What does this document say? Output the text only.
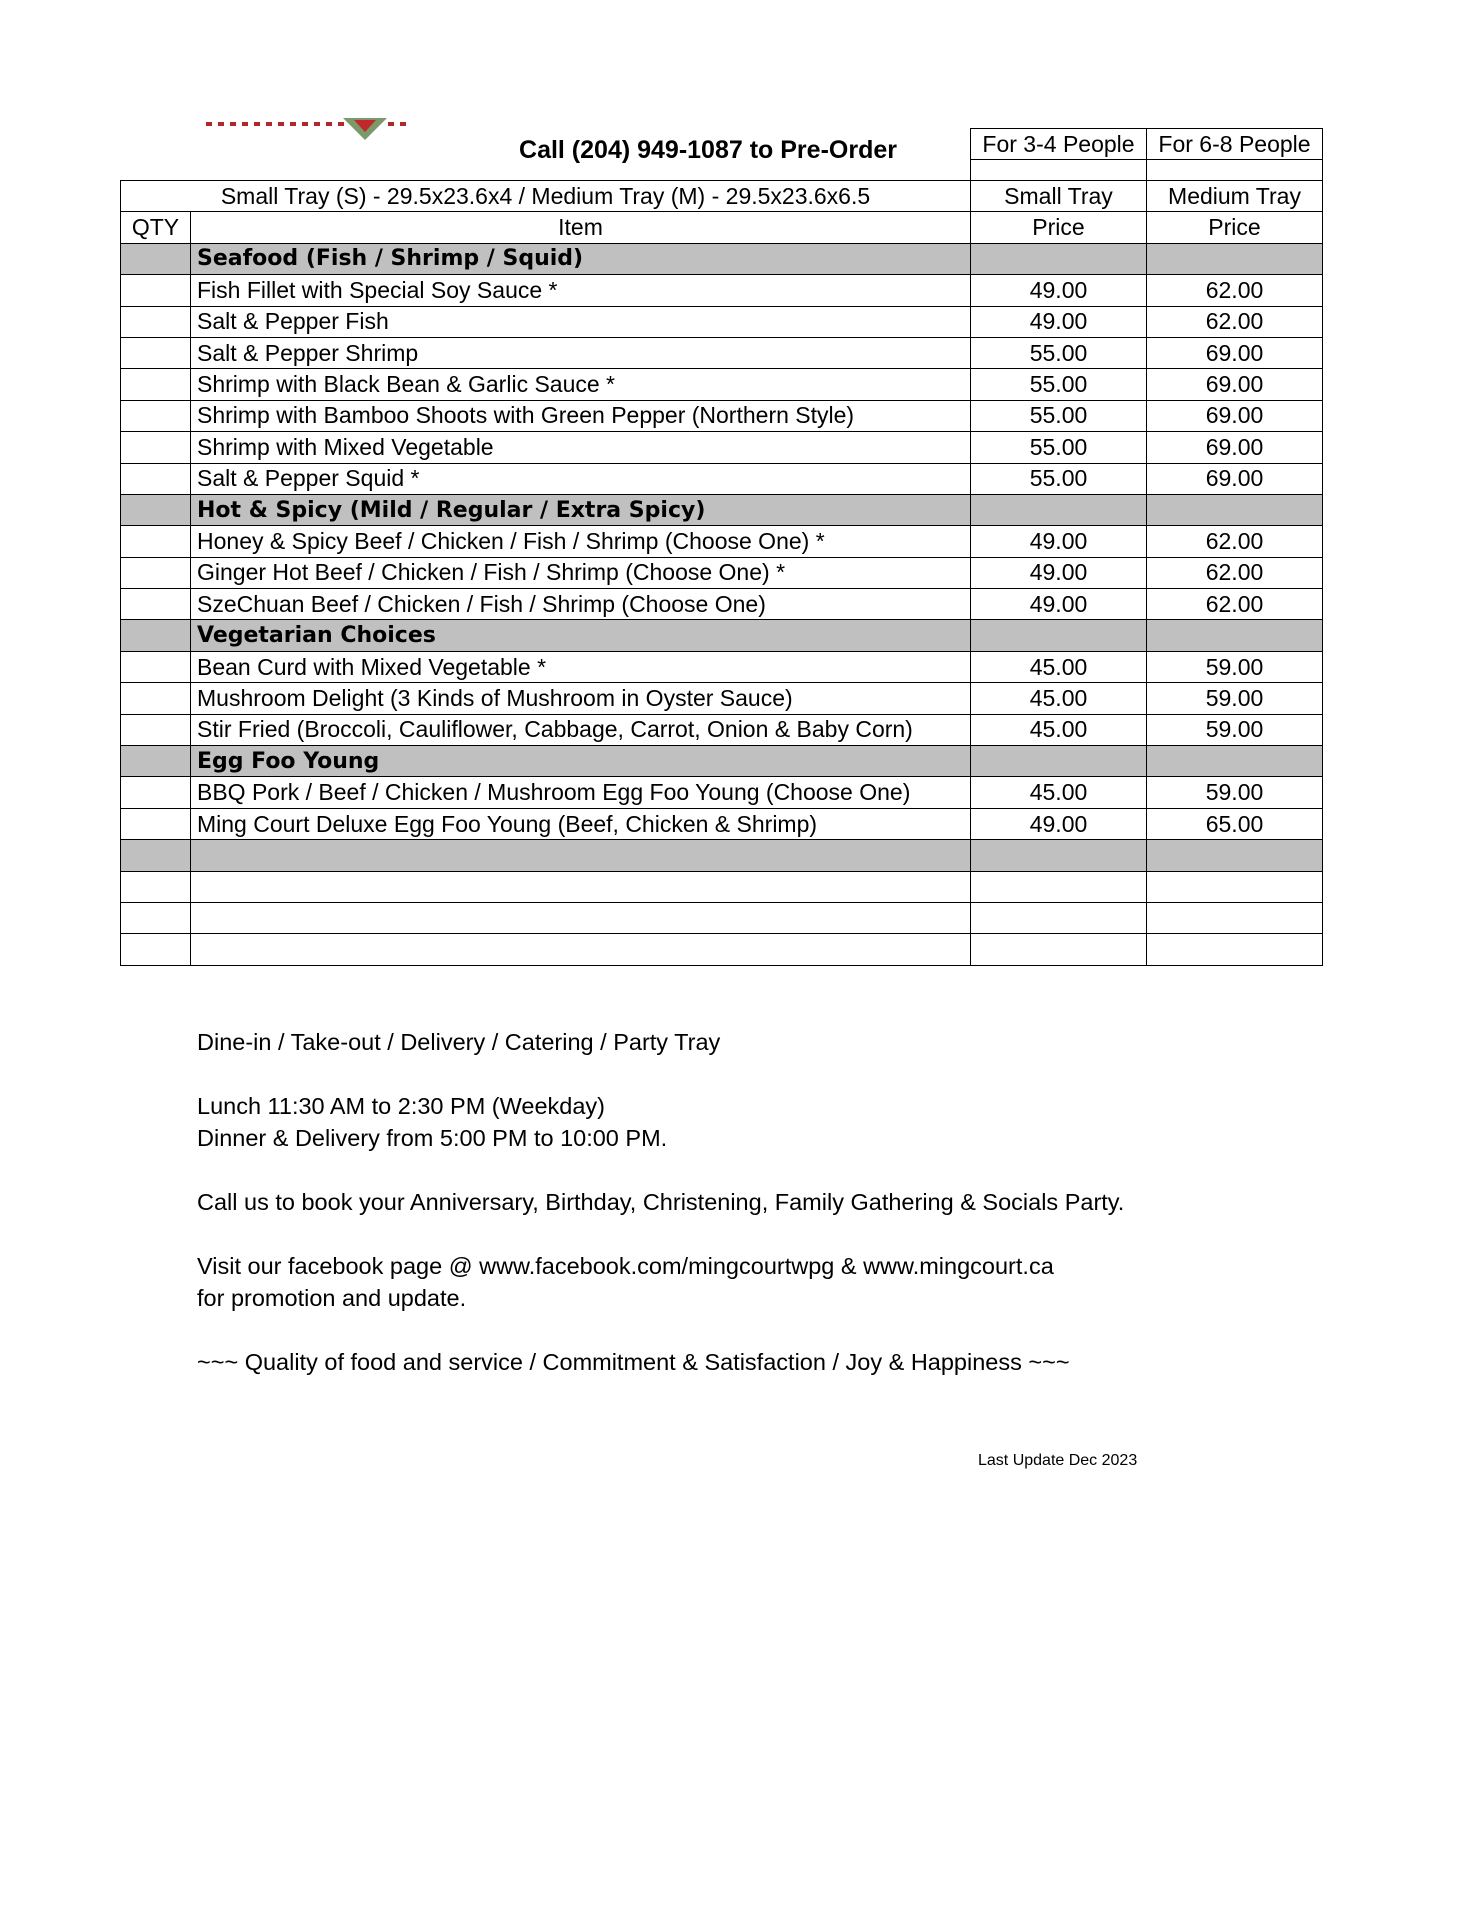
Call (204) 949-1087 to Pre-Order
		For 3-4 People	For 6-8 People

Small Tray (S) - 29.5x23.6x4 / Medium Tray (M) - 29.5x23.6x6.5		Small Tray	Medium Tray
QTY	Item	Price	Price
	Seafood (Fish / Shrimp / Squid)		
	Fish Fillet with Special Soy Sauce *	49.00	62.00
	Salt & Pepper Fish	49.00	62.00
	Salt & Pepper Shrimp	55.00	69.00
	Shrimp with Black Bean & Garlic Sauce *	55.00	69.00
	Shrimp with Bamboo Shoots with Green Pepper (Northern Style)	55.00	69.00
	Shrimp with Mixed Vegetable	55.00	69.00
	Salt & Pepper Squid *	55.00	69.00
	Hot & Spicy (Mild / Regular / Extra Spicy)		
	Honey & Spicy Beef / Chicken / Fish / Shrimp (Choose One) *	49.00	62.00
	Ginger Hot Beef / Chicken / Fish / Shrimp (Choose One) *	49.00	62.00
	SzeChuan Beef / Chicken / Fish / Shrimp (Choose One)	49.00	62.00
	Vegetarian Choices		
	Bean Curd with Mixed Vegetable *	45.00	59.00
	Mushroom Delight (3 Kinds of Mushroom in Oyster Sauce)	45.00	59.00
	Stir Fried (Broccoli, Cauliflower, Cabbage, Carrot, Onion & Baby Corn)	45.00	59.00
	Egg Foo Young		
	BBQ Pork / Beef / Chicken / Mushroom Egg Foo Young (Choose One)	45.00	59.00
	Ming Court Deluxe Egg Foo Young (Beef, Chicken & Shrimp)	49.00	65.00

Dine-in / Take-out / Delivery / Catering / Party Tray

Lunch 11:30 AM to 2:30 PM (Weekday)

Dinner & Delivery from 5:00 PM to 10:00 PM.

Call us to book your Anniversary, Birthday, Christening, Family Gathering & Socials Party.

Visit our facebook page @ www.facebook.com/mingcourtwpg & www.mingcourt.ca

for promotion and update.

~~~ Quality of food and service / Commitment & Satisfaction / Joy & Happiness ~~~

Last Update Dec 2023
